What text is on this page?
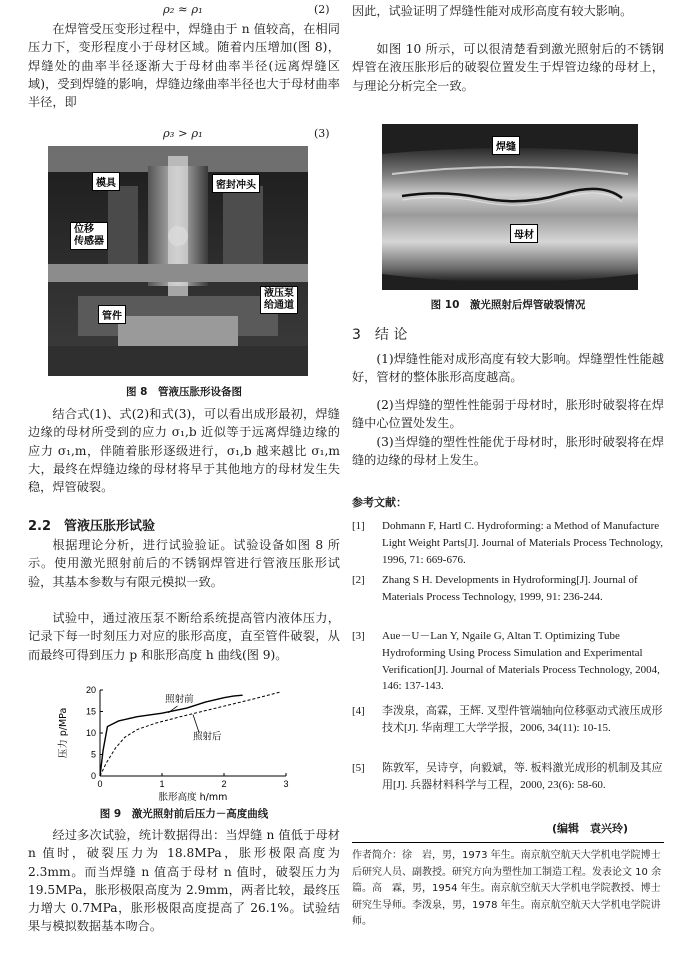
ρ₂ ≈ ρ₁	(2)

在焊管受压变形过程中，焊缝由于 n 值较高，在相同压力下，变形程度小于母材区域。随着内压增加(图 8)，焊缝处的曲率半径逐渐大于母材曲率半径(远离焊缝区域)，受到焊缝的影响，焊缝边缘曲率半径也大于母材曲率半径，即

ρ₃ > ρ₁	(3)
模具	密封冲头
位移
传感器
液压泵
给通道
管件
图 8　管液压胀形设备图

结合式(1)、式(2)和式(3)，可以看出成形最初，焊缝边缘的母材所受到的应力 σ₁,b 近似等于远离焊缝边缘的应力 σ₁,m，伴随着胀形逐级进行，σ₁,b 越来越比 σ₁,m 大，最终在焊缝边缘的母材将早于其他地方的母材发生失稳，焊管破裂。

2.2　管液压胀形试验

根据理论分析，进行试验验证。试验设备如图 8 所示。使用激光照射前后的不锈钢焊管进行管液压胀形试验，其基本参数与有限元模拟一致。

试验中，通过液压泵不断给系统提高管内液体压力，记录下每一时刻压力对应的胀形高度，直至管件破裂，从而最终可得到压力 p 和胀形高度 h 曲线(图 9)。

0	1	2	3
0
5
10
15
20
胀形高度 h/mm
压力 p/MPa
照射前
照射后
图 9　激光照射前后压力－高度曲线

经过多次试验，统计数据得出：当焊缝 n 值低于母材 n 值时，破裂压力为 18.8MPa，胀形极限高度为 2.3mm。而当焊缝 n 值高于母材 n 值时，破裂压力为 19.5MPa，胀形极限高度为 2.9mm，两者比较，最终压力增大 0.7MPa，胀形极限高度提高了 26.1%。试验结果与模拟数据基本吻合。

因此，试验证明了焊缝性能对成形高度有较大影响。

如图 10 所示，可以很清楚看到激光照射后的不锈钢焊管在液压胀形后的破裂位置发生于焊管边缘的母材上，与理论分析完全一致。

焊缝
母材
图 10　激光照射后焊管破裂情况
3　结 论

(1)焊缝性能对成形高度有较大影响。焊缝塑性性能越好，管材的整体胀形高度越高。

(2)当焊缝的塑性性能弱于母材时，胀形时破裂将在焊缝中心位置处发生。

(3)当焊缝的塑性性能优于母材时，胀形时破裂将在焊缝的边缘的母材上发生。

参考文献：
[1]	Dohmann F, Hartl C. Hydroforming: a Method of Manufacture Light Weight Parts[J]. Journal of Materials Process Technology, 1996, 71: 669-676.
[2]	Zhang S H. Developments in Hydroforming[J]. Journal of Materials Process Technology, 1999, 91: 236-244.
[3]	Aue－U－Lan Y, Ngaile G, Altan T. Optimizing Tube Hydroforming Using Process Simulation and Experimental Verification[J]. Journal of Materials Process Technology, 2004, 146: 137-143.
[4]	李泼泉，高霖，王辉. 叉型件管端轴向位移驱动式液压成形技术[J]. 华南理工大学学报，2006, 34(11): 10-15.
[5]	陈敦军，吴诗亨，向毅斌，等. 板料激光成形的机制及其应用[J]. 兵器材料科学与工程，2000, 23(6): 58-60.
(编辑　袁兴玲)

作者简介：徐　岩，男，1973 年生。南京航空航天大学机电学院博士后研究人员、副教授。研究方向为塑性加工制造工程。发表论文 10 余篇。高　霖，男，1954 年生。南京航空航天大学机电学院教授、博士研究生导师。李泼泉，男，1978 年生。南京航空航天大学机电学院讲师。
